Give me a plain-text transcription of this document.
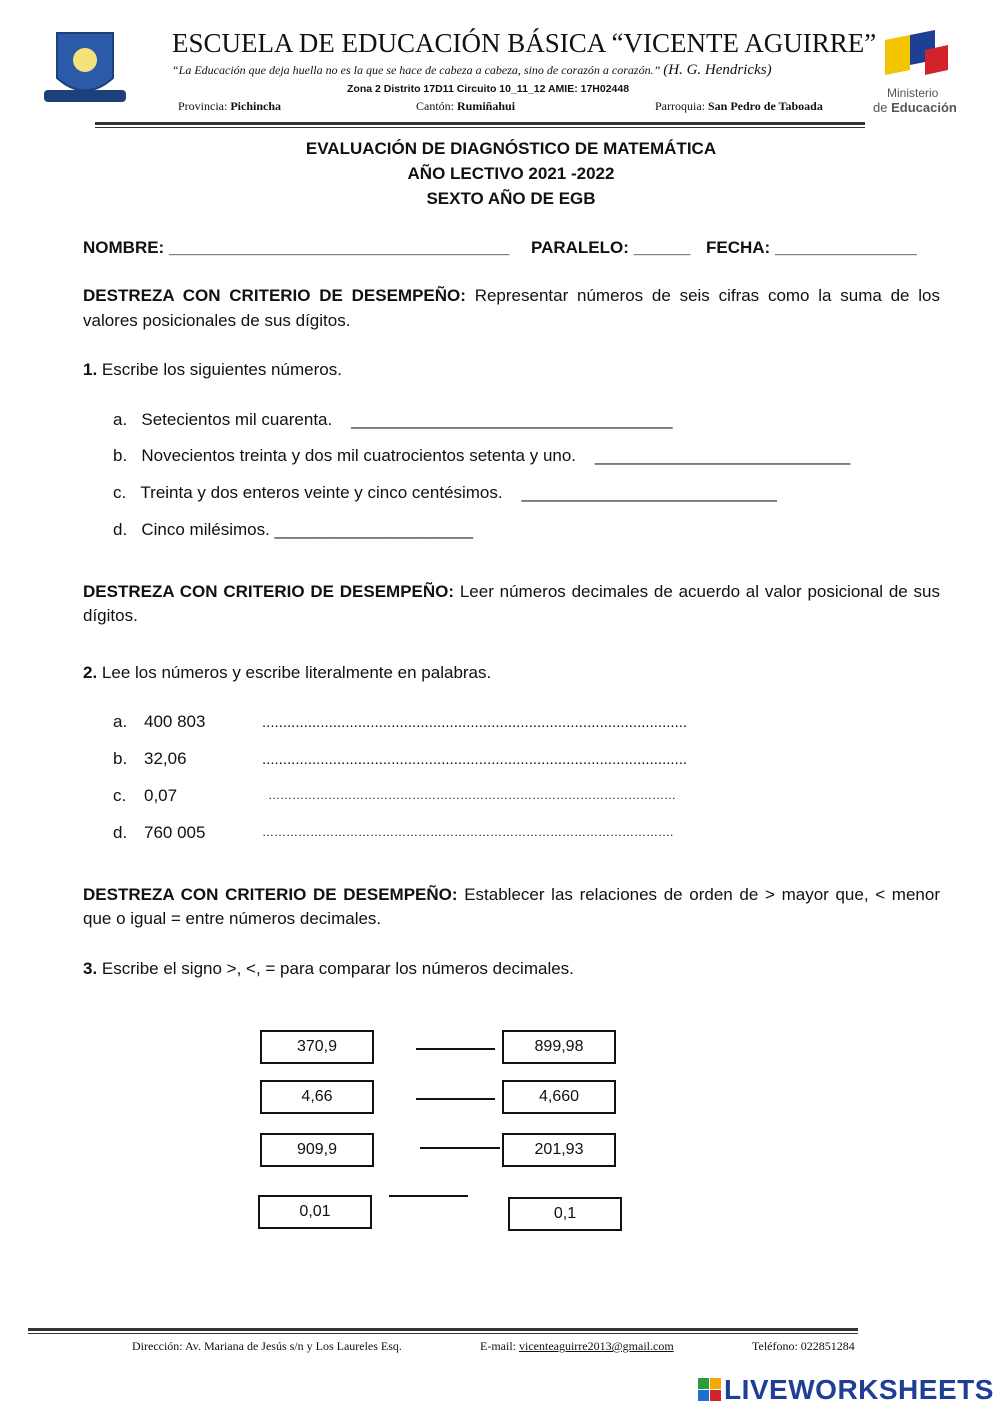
ESCUELA DE EDUCACIÓN BÁSICA “VICENTE AGUIRRE”
“La Educación que deja huella no es la que se hace de cabeza a cabeza, sino de corazón a corazón.” (H. G. Hendricks)
Zona 2 Distrito 17D11 Circuito 10_11_12 AMIE: 17H02448
Provincia: Pichincha	Cantón: Rumiñahui	Parroquia: San Pedro de Taboada
Ministerio
de Educación
EVALUACIÓN DE DIAGNÓSTICO DE MATEMÁTICA
AÑO LECTIVO 2021 -2022
SEXTO AÑO DE EGB
NOMBRE: ____________________________________ PARALELO: ______ FECHA: _______________
DESTREZA CON CRITERIO DE DESEMPEÑO: Representar números de seis cifras como la suma de los
valores posicionales de sus dígitos.
1. Escribe los siguientes números.
a. Setecientos mil cuarenta. __________________________________
b. Novecientos treinta y dos mil cuatrocientos setenta y uno. ___________________________
c. Treinta y dos enteros veinte y cinco centésimos. ___________________________
d. Cinco milésimos. _____________________
DESTREZA CON CRITERIO DE DESEMPEÑO: Leer números decimales de acuerdo al valor posicional de sus
dígitos.
2. Lee los números y escribe literalmente en palabras.
a. 400 803	......................................................................................................
b. 32,06	......................................................................................................
c. 0,07	…………………………………………………………………………………………
d. 760 005	………………………………………………………………………………………….
DESTREZA CON CRITERIO DE DESEMPEÑO: Establecer las relaciones de orden de > mayor que, < menor
que o igual = entre números decimales.
3. Escribe el signo >, <, = para comparar los números decimales.
370,9	899,98
4,66	4,660
909,9	201,93
0,01	0,1
Dirección: Av. Mariana de Jesús s/n y Los Laureles Esq.	E-mail: vicenteaguirre2013@gmail.com	Teléfono: 022851284
LIVEWORKSHEETS
